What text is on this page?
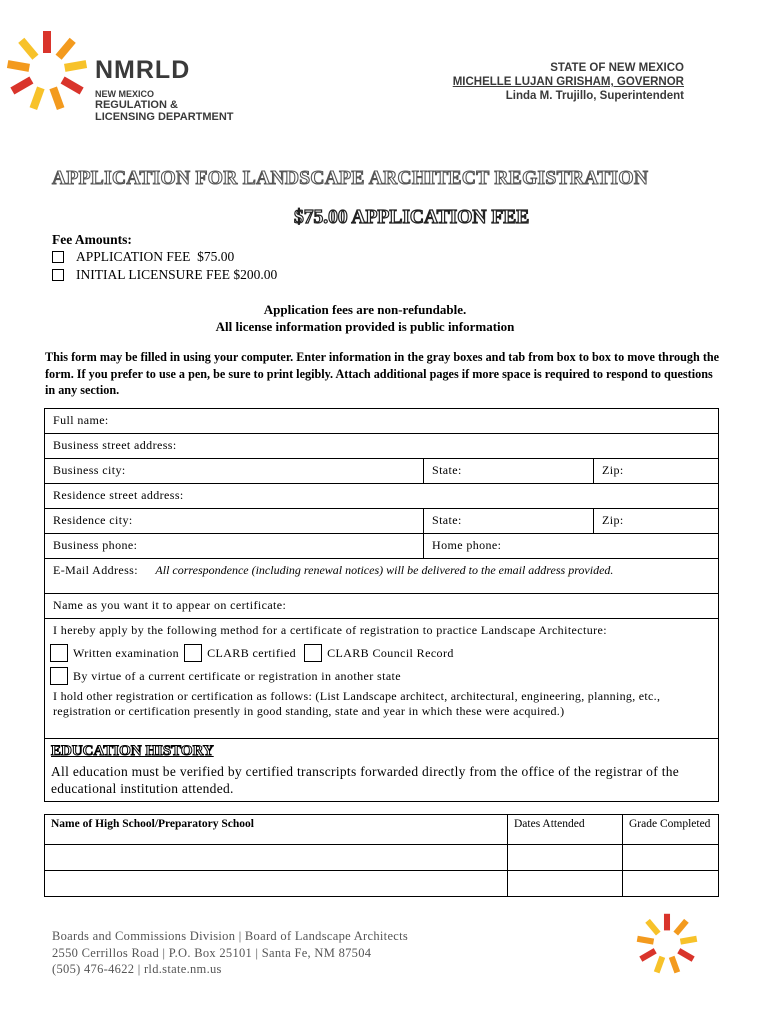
NMRLD
NEW MEXICO
REGULATION &
LICENSING DEPARTMENT
STATE OF NEW MEXICO
MICHELLE LUJAN GRISHAM, GOVERNOR
Linda M. Trujillo, Superintendent
APPLICATION FOR LANDSCAPE ARCHITECT REGISTRATION
$75.00 APPLICATION FEE
Fee Amounts:
APPLICATION FEE  $75.00
INITIAL LICENSURE FEE $200.00
Application fees are non-refundable.
All license information provided is public information
This form may be filled in using your computer. Enter information in the gray boxes and tab from box to box to move through the form. If you prefer to use a pen, be sure to print legibly. Attach additional pages if more space is required to respond to questions in any section.
Full name:
Business street address:
Business city:	State:	Zip:
Residence street address:
Residence city:	State:	Zip:
Business phone:	Home phone:
E-Mail Address: All correspondence (including renewal notices) will be delivered to the email address provided.
Name as you want it to appear on certificate:
I hereby apply by the following method for a certificate of registration to practice Landscape Architecture:
Written examination CLARB certified	CLARB Council Record
By virtue of a current certificate or registration in another state
I hold other registration or certification as follows: (List Landscape architect, architectural, engineering, planning, etc., registration or certification presently in good standing, state and year in which these were acquired.)
EDUCATION HISTORY
All education must be verified by certified transcripts forwarded directly from the office of the registrar of the educational institution attended.
Name of High School/Preparatory School	Dates Attended	Grade Completed
Boards and Commissions Division | Board of Landscape Architects
2550 Cerrillos Road | P.O. Box 25101 | Santa Fe, NM 87504
(505) 476-4622 | rld.state.nm.us
